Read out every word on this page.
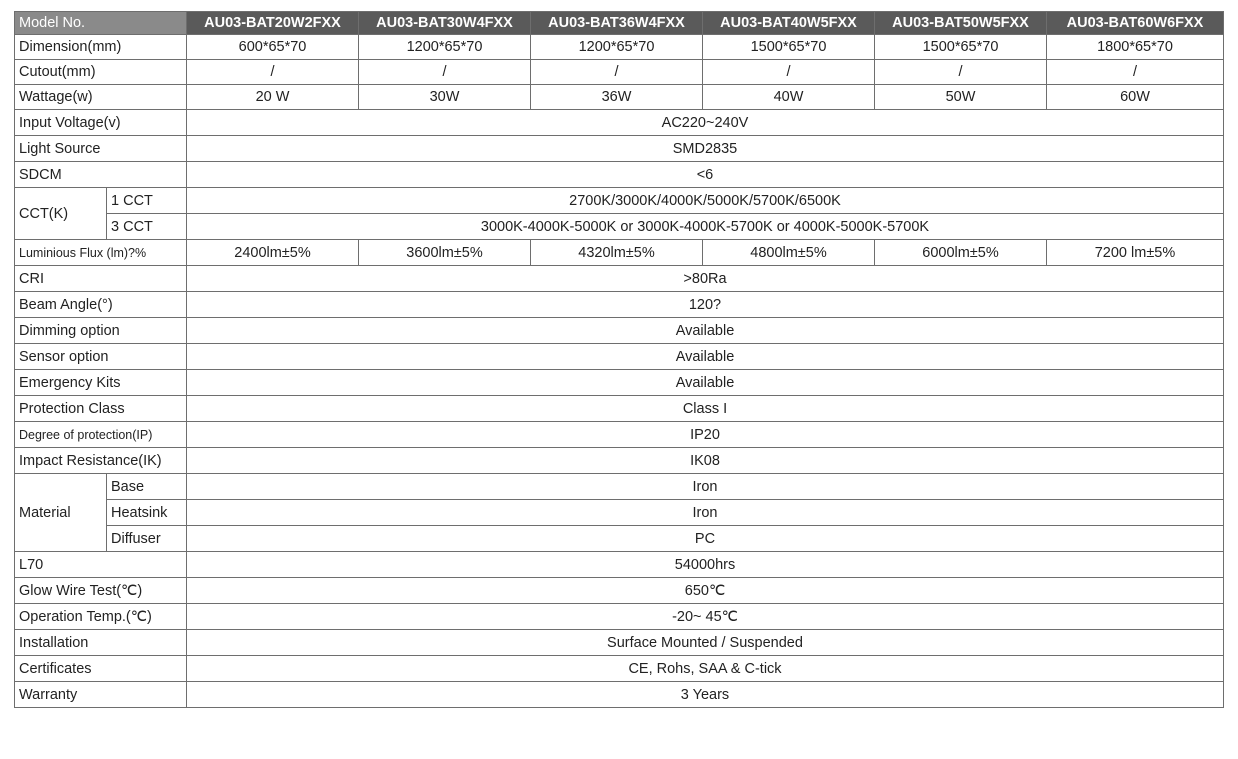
Model No.		AU03-BAT20W2FXX	AU03-BAT30W4FXX	AU03-BAT36W4FXX	AU03-BAT40W5FXX	AU03-BAT50W5FXX	AU03-BAT60W6FXX
Dimension(mm)		600*65*70	1200*65*70	1200*65*70	1500*65*70	1500*65*70	1800*65*70
Cutout(mm)		/	/	/	/	/	/
Wattage(w)		20 W	30W	36W	40W	50W	60W
Input Voltage(v)		AC220~240V					
Light Source		SMD2835					
SDCM		<6					
CCT(K)	1 CCT	2700K/3000K/4000K/5000K/5700K/6500K					
	3 CCT	3000K-4000K-5000K or 3000K-4000K-5700K or 4000K-5000K-5700K					
Luminious Flux (lm)?%		2400lm±5%	3600lm±5%	4320lm±5%	4800lm±5%	6000lm±5%	7200 lm±5%
CRI		>80Ra					
Beam Angle(°)		120?					
Dimming option		Available					
Sensor option		Available					
Emergency Kits		Available					
Protection Class		Class I					
Degree of protection(IP)		IP20					
Impact Resistance(IK)		IK08					
Material	Base	Iron					
	Heatsink	Iron					
	Diffuser	PC					
L70		54000hrs					
Glow Wire Test(℃)		650℃					
Operation Temp.(℃)		-20~ 45℃					
Installation		Surface Mounted / Suspended					
Certificates		CE, Rohs, SAA & C-tick					
Warranty		3 Years					
